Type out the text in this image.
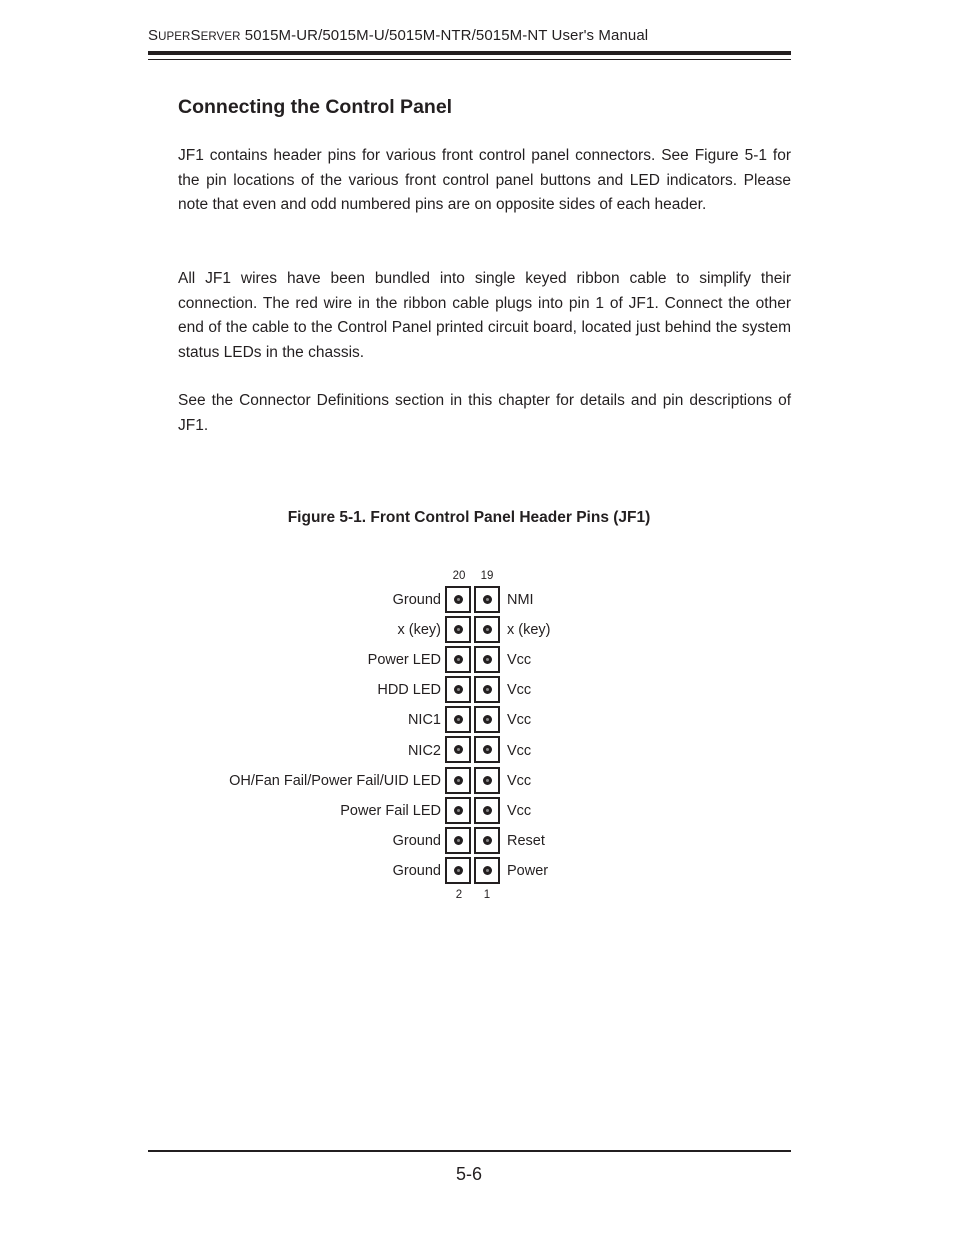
SUPERSERVER 5015M-UR/5015M-U/5015M-NTR/5015M-NT User's Manual
Connecting the Control Panel

JF1 contains header pins for various front control panel connectors. See Figure 5-1 for the pin locations of the various front control panel buttons and LED indicators. Please note that even and odd numbered pins are on opposite sides of each header.

All JF1 wires have been bundled into single keyed ribbon cable to simplify their connection. The red wire in the ribbon cable plugs into pin 1 of JF1. Connect the other end of the cable to the Control Panel printed circuit board, located just behind the system status LEDs in the chassis.

See the Connector Definitions section in this chapter for details and pin descriptions of JF1.

Figure 5-1. Front Control Panel Header Pins (JF1)

20	19
Ground	NMI
x (key)	x (key)
Power LED	Vcc
HDD LED	Vcc
NIC1	Vcc
NIC2	Vcc
OH/Fan Fail/Power Fail/UID LED	Vcc
Power Fail LED	Vcc
Ground	Reset
Ground	Power
2	1
5-6
